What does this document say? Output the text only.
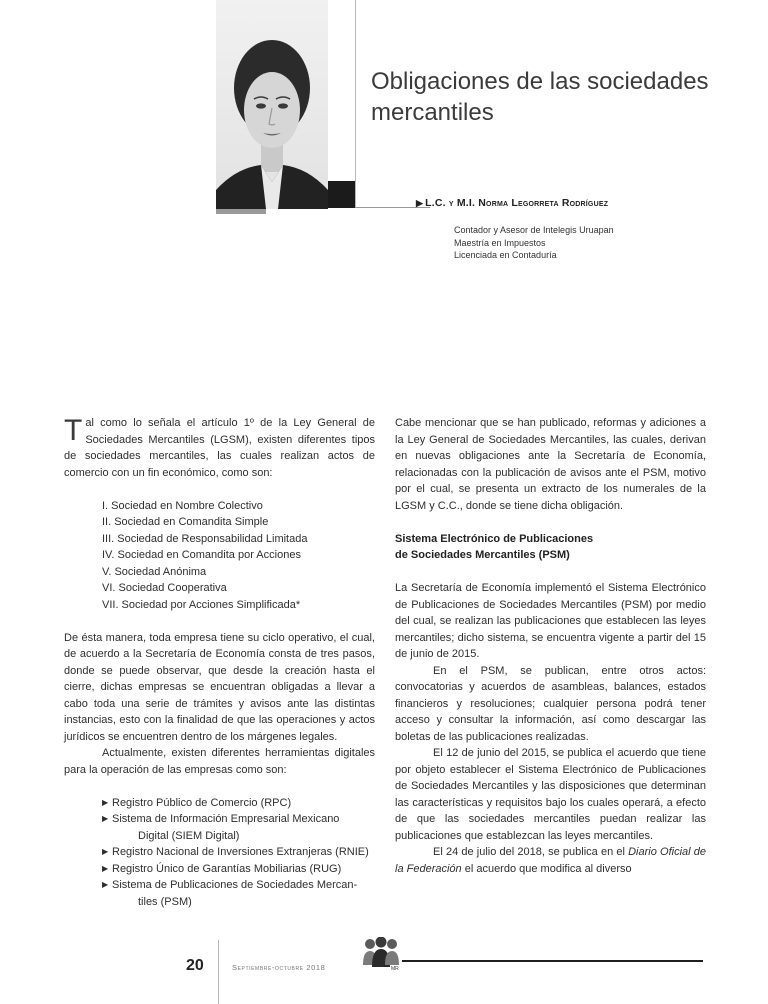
Obligaciones de las sociedades mercantiles
▶ L.C. y M.I. Norma Legorreta Rodríguez
Contador y Asesor de Intelegis Uruapan
Maestría en Impuestos
Licenciada en Contaduría

Tal como lo señala el artículo 1º de la Ley General de Sociedades Mercantiles (LGSM), existen diferentes tipos de sociedades mercantiles, las cuales realizan actos de comercio con un fin económico, como son:

I. Sociedad en Nombre Colectivo
II. Sociedad en Comandita Simple
III. Sociedad de Responsabilidad Limitada
IV. Sociedad en Comandita por Acciones
V. Sociedad Anónima
VI. Sociedad Cooperativa
VII. Sociedad por Acciones Simplificada*

De ésta manera, toda empresa tiene su ciclo operativo, el cual, de acuerdo a la Secretaría de Economía consta de tres pasos, donde se puede observar, que desde la creación hasta el cierre, dichas empresas se encuentran obligadas a llevar a cabo toda una serie de trámites y avisos ante las distintas instancias, esto con la finalidad de que las operaciones y actos jurídicos se encuentren dentro de los márgenes legales.

Actualmente, existen diferentes herramientas digitales para la operación de las empresas como son:

▶ Registro Público de Comercio (RPC)
▶ Sistema de Información Empresarial Mexicano
Digital (SIEM Digital)
▶ Registro Nacional de Inversiones Extranjeras (RNIE)
▶ Registro Único de Garantías Mobiliarias (RUG)
▶ Sistema de Publicaciones de Sociedades Mercan-
tiles (PSM)

Cabe mencionar que se han publicado, reformas y adiciones a la Ley General de Sociedades Mercantiles, las cuales, derivan en nuevas obligaciones ante la Secretaría de Economía, relacionadas con la publicación de avisos ante el PSM, motivo por el cual, se presenta un extracto de los numerales de la LGSM y C.C., donde se tiene dicha obligación.

Sistema Electrónico de Publicaciones
de Sociedades Mercantiles (PSM)

La Secretaría de Economía implementó el Sistema Electrónico de Publicaciones de Sociedades Mercantiles (PSM) por medio del cual, se realizan las publicaciones que establecen las leyes mercantiles; dicho sistema, se encuentra vigente a partir del 15 de junio de 2015.

En el PSM, se publican, entre otros actos: convocatorias y acuerdos de asambleas, balances, estados financieros y resoluciones; cualquier persona podrá tener acceso y consultar la información, así como descargar las boletas de las publicaciones realizadas.

El 12 de junio del 2015, se publica el acuerdo que tiene por objeto establecer el Sistema Electrónico de Publicaciones de Sociedades Mercantiles y las disposiciones que determinan las características y requisitos bajo los cuales operará, a efecto de que las sociedades mercantiles puedan realizar las publicaciones que establezcan las leyes mercantiles.

El 24 de julio del 2018, se publica en el Diario Oficial de la Federación el acuerdo que modifica al diverso

20	Septiembre-octubre 2018	MR
